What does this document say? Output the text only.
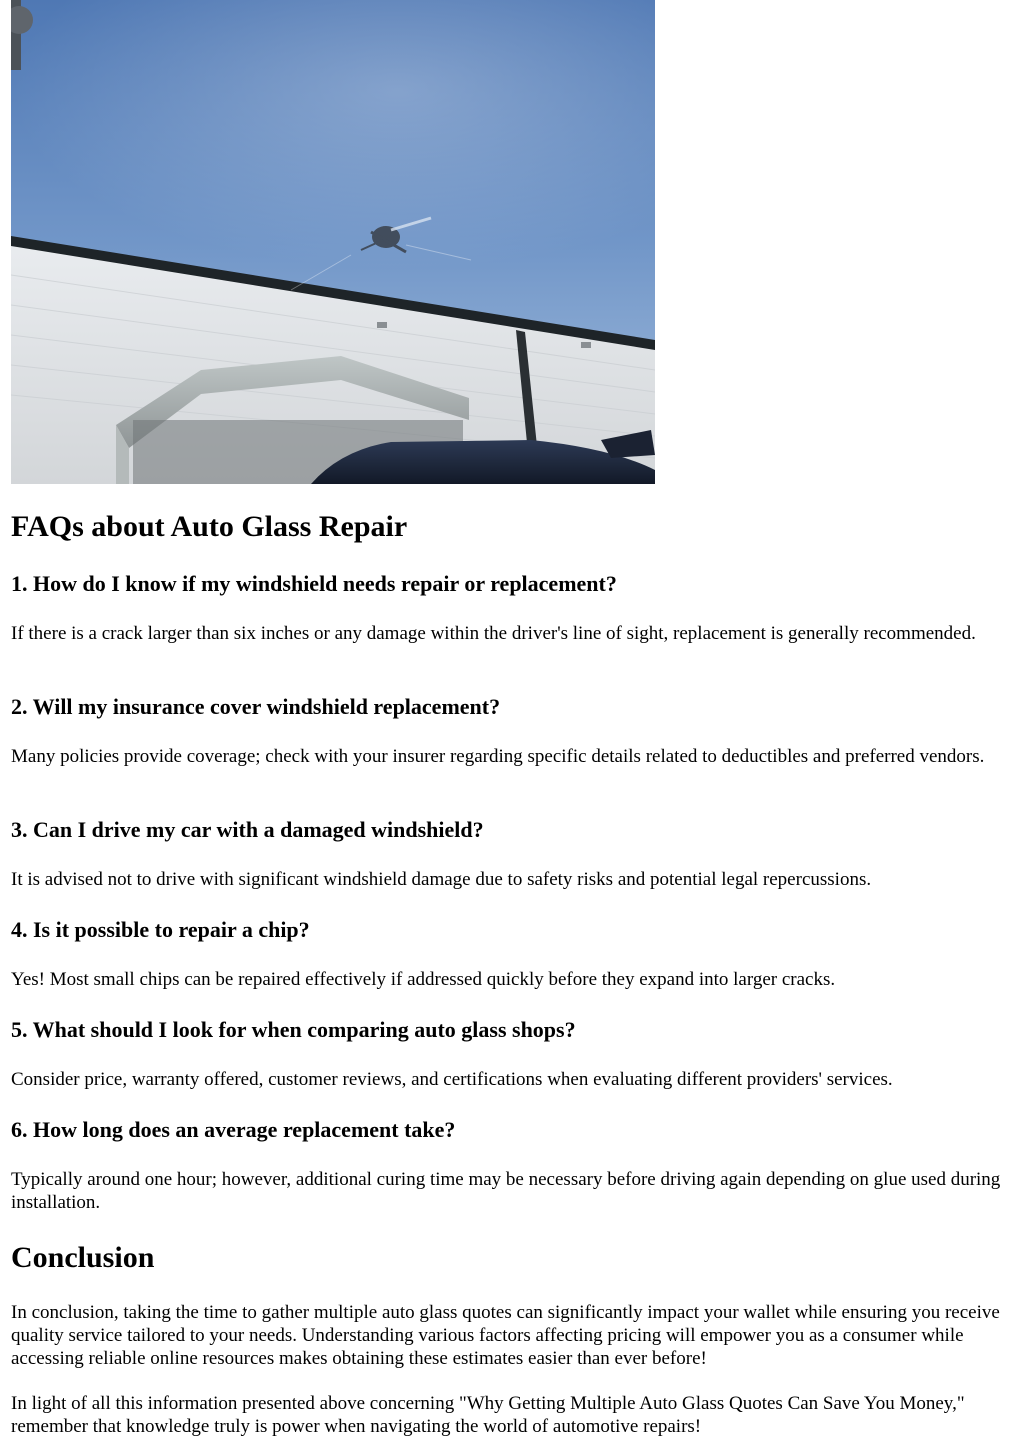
FAQs about Auto Glass Repair
1. How do I know if my windshield needs repair or replacement?

If there is a crack larger than six inches or any damage within the driver's line of sight, replacement is generally recommended.

2. Will my insurance cover windshield replacement?

Many policies provide coverage; check with your insurer regarding specific details related to deductibles and preferred vendors.

3. Can I drive my car with a damaged windshield?

It is advised not to drive with significant windshield damage due to safety risks and potential legal repercussions.

4. Is it possible to repair a chip?

Yes! Most small chips can be repaired effectively if addressed quickly before they expand into larger cracks.

5. What should I look for when comparing auto glass shops?

Consider price, warranty offered, customer reviews, and certifications when evaluating different providers' services.

6. How long does an average replacement take?

Typically around one hour; however, additional curing time may be necessary before driving again depending on glue used during installation.

Conclusion

In conclusion, taking the time to gather multiple auto glass quotes can significantly impact your wallet while ensuring you receive quality service tailored to your needs. Understanding various factors affecting pricing will empower you as a consumer while accessing reliable online resources makes obtaining these estimates easier than ever before!

In light of all this information presented above concerning "Why Getting Multiple Auto Glass Quotes Can Save You Money," remember that knowledge truly is power when navigating the world of automotive repairs!
